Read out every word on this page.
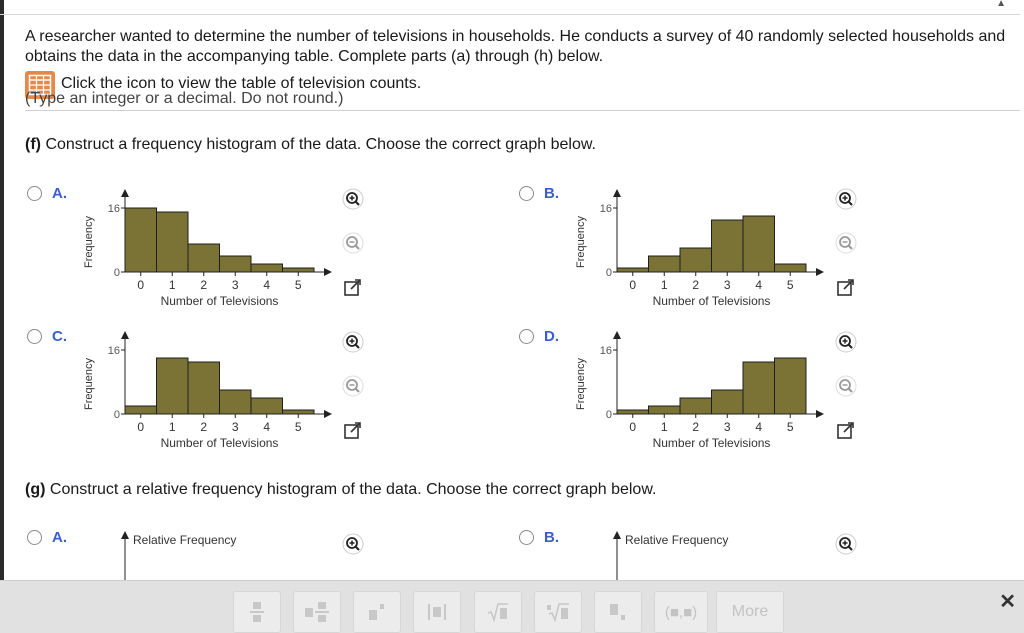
▲
A researcher wanted to determine the number of televisions in households. He conducts a survey of 40 randomly selected households and obtains the data in the accompanying table. Complete parts (a) through (h) below.
Click the icon to view the table of television counts.
(Type an integer or a decimal. Do not round.)
(f) Construct a frequency histogram of the data. Choose the correct graph below.
A.
16
0
0 1 2 3 4 5
Number of Televisions
Frequency
B.
16
0
0 1 2 3 4 5
Number of Televisions
Frequency
C.
16
0
0 1 2 3 4 5
Number of Televisions
Frequency
D.
16
0
0 1 2 3 4 5
Number of Televisions
Frequency
(g) Construct a relative frequency histogram of the data. Choose the correct graph below.
A.	Relative Frequency	B.	Relative Frequency
(■,■)	More	✕
